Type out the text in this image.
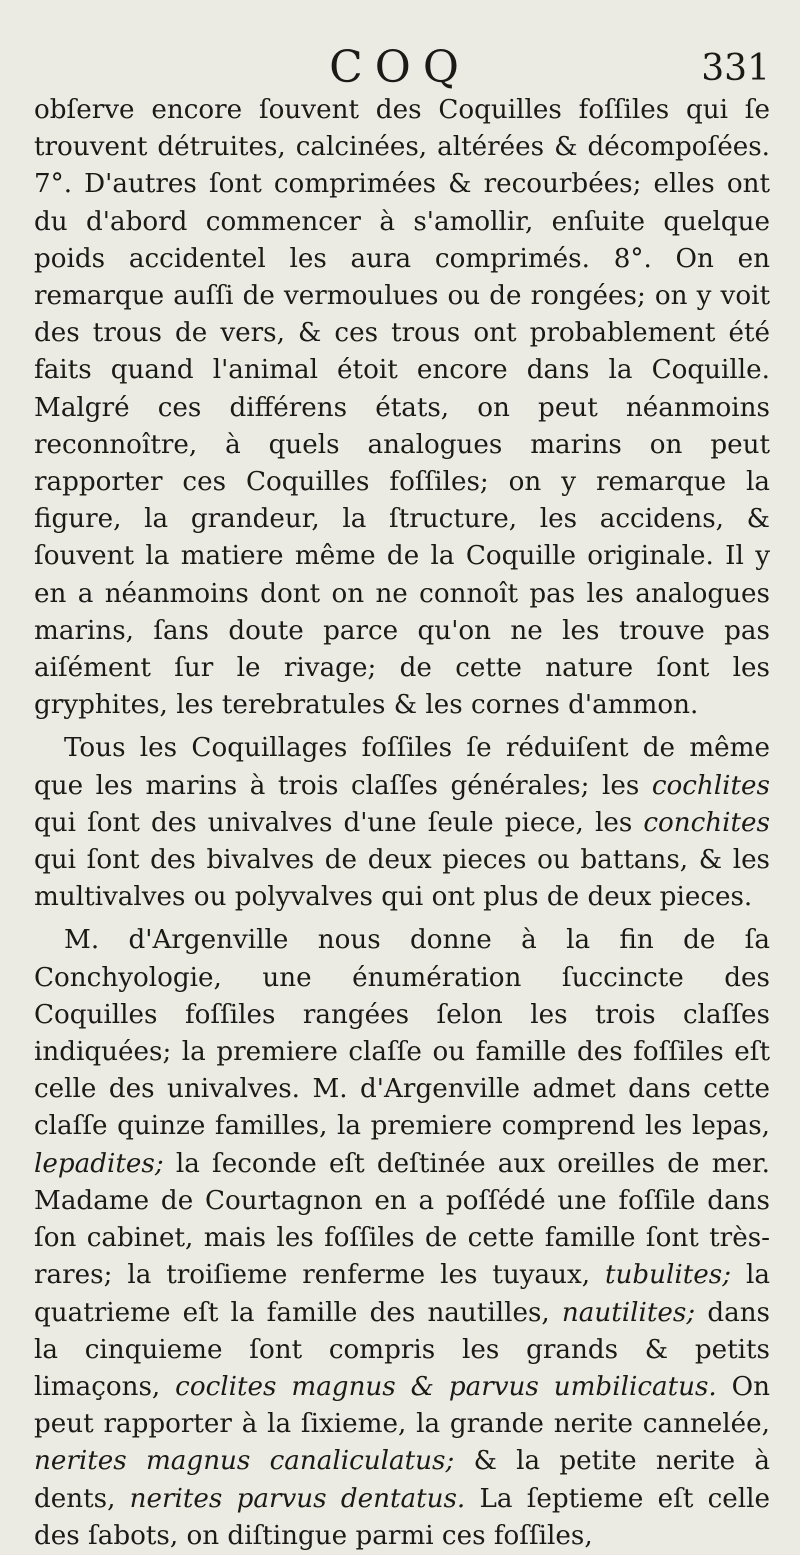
COQ	331

obſerve encore ſouvent des Coquilles foſſiles qui ſe trouvent détruites, calcinées, altérées & décompoſées. 7°. D'autres ſont comprimées & recourbées; elles ont du d'abord commencer à s'amollir, enſuite quelque poids accidentel les aura comprimés. 8°. On en remarque auſſi de vermoulues ou de rongées; on y voit des trous de vers, & ces trous ont probablement été faits quand l'animal étoit encore dans la Coquille. Malgré ces différens états, on peut néanmoins reconnoître, à quels analogues marins on peut rapporter ces Coquilles foſſiles; on y remarque la figure, la grandeur, la ſtructure, les accidens, & ſouvent la matiere même de la Coquille originale. Il y en a néanmoins dont on ne connoît pas les analogues marins, ſans doute parce qu'on ne les trouve pas aiſément ſur le rivage; de cette nature ſont les gryphites, les terebratules & les cornes d'ammon.

Tous les Coquillages foſſiles ſe réduiſent de même que les marins à trois claſſes générales; les cochlites qui ſont des univalves d'une ſeule piece, les conchites qui ſont des bivalves de deux pieces ou battans, & les multivalves ou polyvalves qui ont plus de deux pieces.

M. d'Argenville nous donne à la fin de ſa Conchyologie, une énumération ſuccincte des Coquilles foſſiles rangées ſelon les trois claſſes indiquées; la premiere claſſe ou famille des foſſiles eſt celle des univalves. M. d'Argenville admet dans cette claſſe quinze familles, la premiere comprend les lepas, lepadites; la ſeconde eſt deſtinée aux oreilles de mer. Madame de Courtagnon en a poſſédé une foſſile dans ſon cabinet, mais les foſſiles de cette famille ſont très-rares; la troiſieme renferme les tuyaux, tubulites; la quatrieme eſt la famille des nautilles, nautilites; dans la cinquieme ſont compris les grands & petits limaçons, coclites magnus & parvus umbilicatus. On peut rapporter à la ſixieme, la grande nerite cannelée, nerites magnus canaliculatus; & la petite nerite à dents, nerites parvus dentatus. La ſeptieme eſt celle des ſabots, on diſtingue parmi ces foſſiles,
